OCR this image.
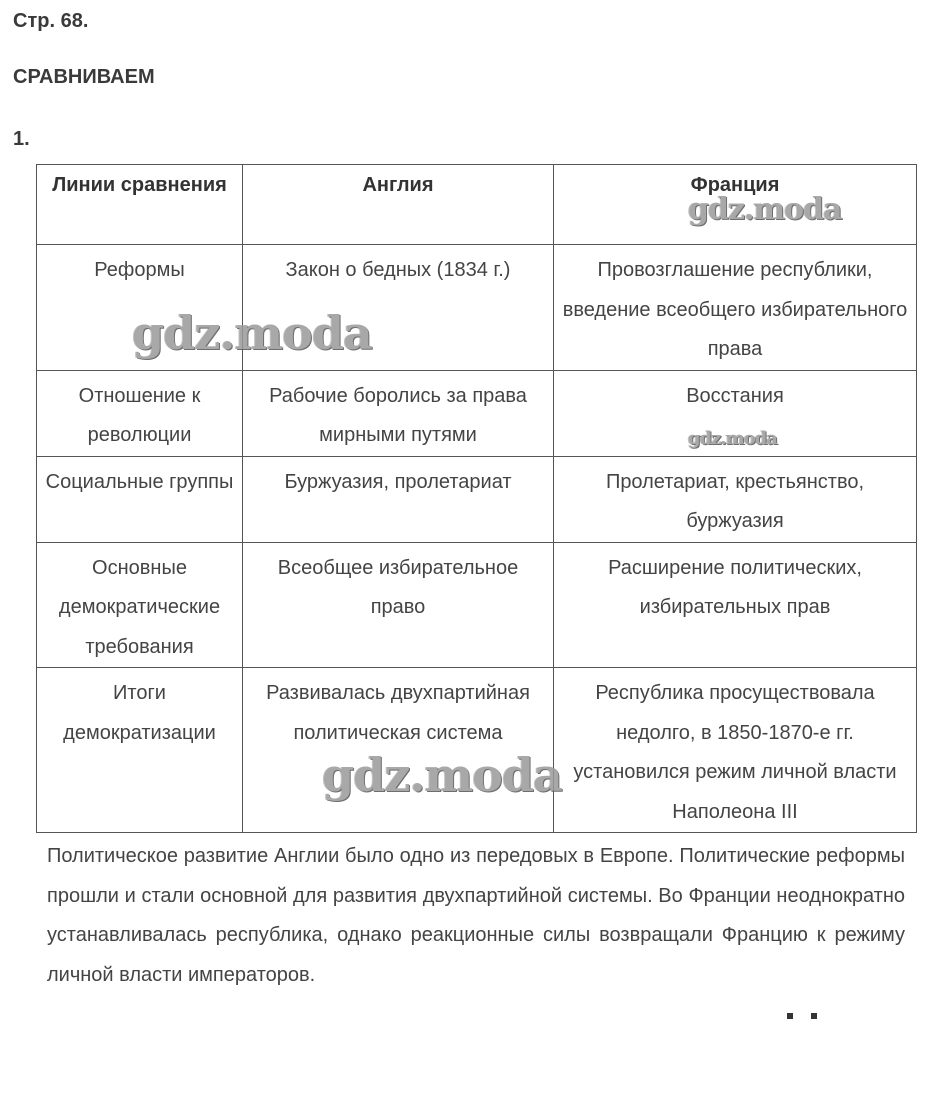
Стр. 68.
СРАВНИВАЕМ
1.
Линии сравнения	Англия	Франция
Реформы	Закон о бедных (1834 г.)	Провозглашение республики, введение всеобщего избирательного права
Отношение к революции	Рабочие боролись за права мирными путями	Восстания
Социальные группы	Буржуазия, пролетариат	Пролетариат, крестьянство, буржуазия
Основные демократические требования	Всеобщее избирательное право	Расширение политических, избирательных прав
Итоги демократизации	Развивалась двухпартийная политическая система	Республика просуществовала недолго, в 1850-1870-е гг. установился режим личной власти Наполеона III

Политическое развитие Англии было одно из передовых в Европе. Политические реформы прошли и стали основной для развития двухпартийной системы. Во Франции неоднократно устанавливалась республика, однако реакционные силы возвращали Францию к режиму личной власти императоров.

gdz.moda
gdz.moda
gdz.moda
gdz.moda
